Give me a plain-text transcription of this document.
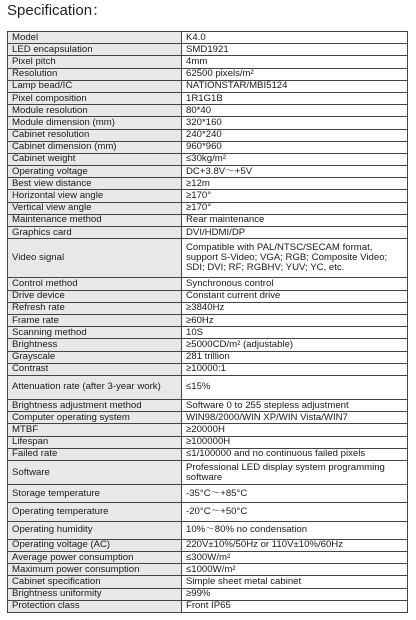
Specification：
Model	K4.0
LED encapsulation	SMD1921
Pixel pitch	4mm
Resolution	62500 pixels/m²
Lamp bead/IC	NATIONSTAR/MBI5124
Pixel composition	1R1G1B
Module resolution	80*40
Module dimension (mm)	320*160
Cabinet resolution	240*240
Cabinet dimension (mm)	960*960
Cabinet weight	≤30kg/m²
Operating voltage	DC+3.8V～+5V
Best view distance	≥12m
Horizontal view angle	≥170°
Vertical view angle	≥170°
Maintenance method	Rear maintenance
Graphics card	DVI/HDMI/DP
Video signal	Compatible with PAL/NTSC/SECAM format, support S-Video; VGA; RGB; Composite Video; SDI; DVI; RF; RGBHV; YUV; YC, etc.
Control method	Synchronous control
Drive device	Constant current drive
Refresh rate	≥3840Hz
Frame rate	≥60Hz
Scanning method	10S
Brightness	≥5000CD/m² (adjustable)
Grayscale	281 trillion
Contrast	≥10000:1
Attenuation rate (after 3-year work)	≤15%
Brightness adjustment method	Software 0 to 255 stepless adjustment
Computer operating system	WIN98/2000/WIN XP/WIN Vista/WIN7
MTBF	≥20000H
Lifespan	≥100000H
Failed rate	≤1/100000 and no continuous failed pixels
Software	Professional LED display system programming software
Storage temperature	-35°C～+85°C
Operating temperature	-20°C～+50°C
Operating humidity	10%～80% no condensation
Operating voltage (AC)	220V±10%/50Hz or 110V±10%/60Hz
Average power consumption	≤300W/m²
Maximum power consumption	≤1000W/m²
Cabinet specification	Simple sheet metal cabinet
Brightness uniformity	≥99%
Protection class	Front IP65
